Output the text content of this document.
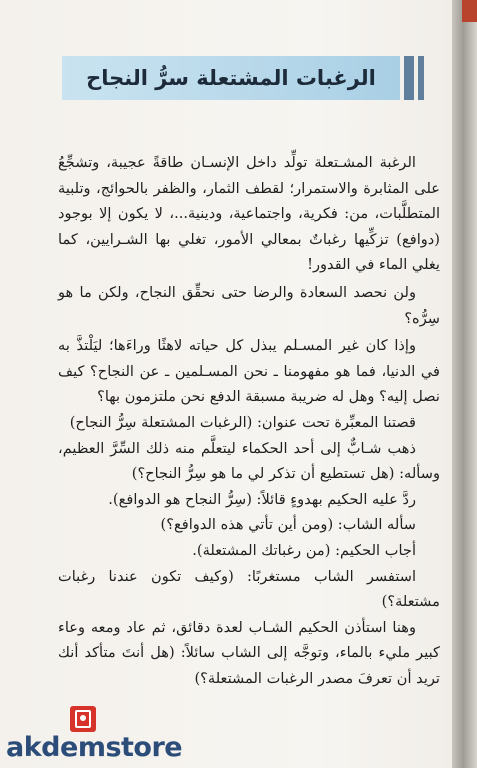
الرغبات المشتعلة سرُّ النجاح

الرغبة المشـتعلة تولِّد داخل الإنسـان طاقةً عجيبة، وتشجِّعُ على المثابرة والاستمرار؛ لقطف الثمار، والظفر بالحوائج، وتلبية المتطلَّبات، من: فكرية، واجتماعية، ودينية...، لا يكون إلا بوجود (دوافع) تزكِّيها رغباتٌ بمعالي الأمور، تغلي بها الشـرايين، كما يغلي الماء في القدور!

ولن نحصد السعادة والرضا حتى نحقِّق النجاح، ولكن ما هو سِرُّه؟

وإذا كان غير المسـلم يبذل كل حياته لاهثًا وراءَها؛ ليَلْتذَّ به في الدنيا، فما هو مفهومنا ـ نحن المسـلمين ـ عن النجاح؟ كيف نصل إليه؟ وهل له ضريبة مسبقة الدفع نحن ملتزمون بها؟

قصتنا المعبِّرة تحت عنوان: (الرغبات المشتعلة سِرُّ النجاح)

ذهب شـابٌّ إلى أحد الحكماء ليتعلَّم منه ذلك السِّرَّ العظيم، وسأله: (هل تستطيع أن تذكر لي ما هو سِرُّ النجاح؟)

ردَّ عليه الحكيم بهدوءٍ قائلاً: (سِرُّ النجاح هو الدوافع).

سأله الشاب: (ومن أين تأتي هذه الدوافع؟)

أجاب الحكيم: (من رغباتك المشتعلة).

استفسر الشاب مستغربًا: (وكيف تكون عندنا رغبات مشتعلة؟)

وهنا استأذن الحكيم الشـاب لعدة دقائق، ثم عاد ومعه وعاء كبير مليء بالماء، وتوجَّه إلى الشاب سائلاً: (هل أنتَ متأكد أنك تريد أن تعرفَ مصدر الرغبات المشتعلة؟)

akdemstore
